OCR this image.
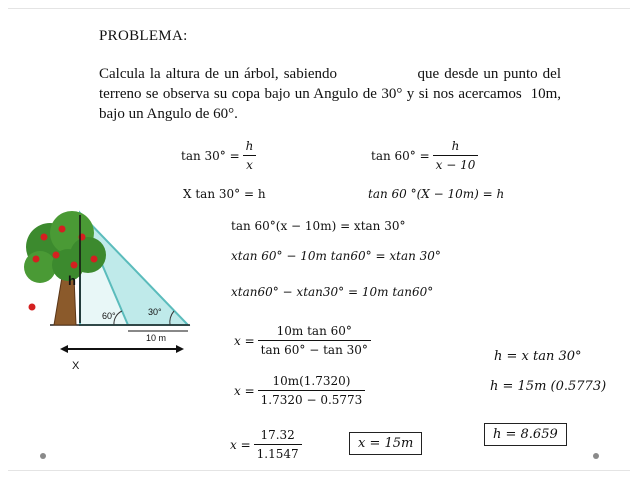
PROBLEMA:
Calcula la altura de un árbol, sabiendo                que desde un punto del terreno se observa su copa bajo un Angulo de 30° y si nos acercamos  10m, bajo un Angulo de 60°.
$\tan 30^\circ = \frac{h}{x}$	$\tan 60^\circ = \frac{h}{x - 10}$
X tan 30° = h	tan 60 °(X − 10m) = h
tan 60°(x − 10m) = xtan 30°
xtan 60° − 10m tan60° = xtan 30°
xtan60° − xtan30° = 10m tan60°
$x = \frac{\text{10m tan 60°}}{\tan 60^\circ - \tan 30^\circ}$
$x = \frac{10m(1.7320)}{1.7320 - 0.5773}$
$x = \frac{17.32}{1.1547}$	x = 15m
h = x tan 30°
h = 15m (0.5773)
h = 8.659
h
60°	30°
10 m
X
